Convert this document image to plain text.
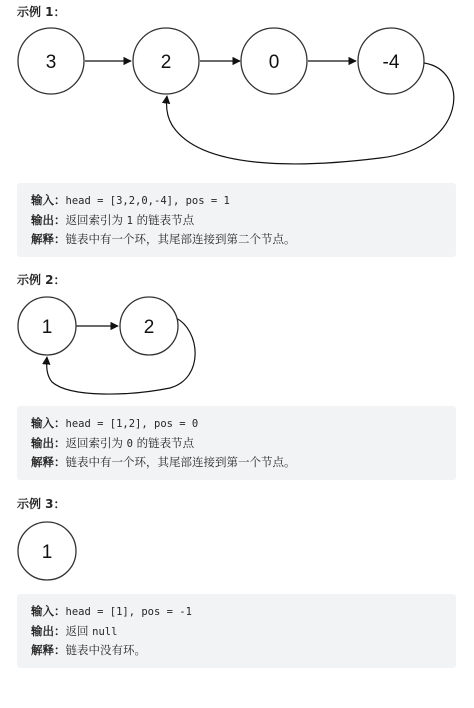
示例 1：
3	2	0	-4
1	2
1
输入：head = [3,2,0,-4], pos = 1
输出：返回索引为 1 的链表节点
解释：链表中有一个环，其尾部连接到第二个节点。
示例 2：
输入：head = [1,2], pos = 0
输出：返回索引为 0 的链表节点
解释：链表中有一个环，其尾部连接到第一个节点。
示例 3：
输入：head = [1], pos = -1
输出：返回 null
解释：链表中没有环。
